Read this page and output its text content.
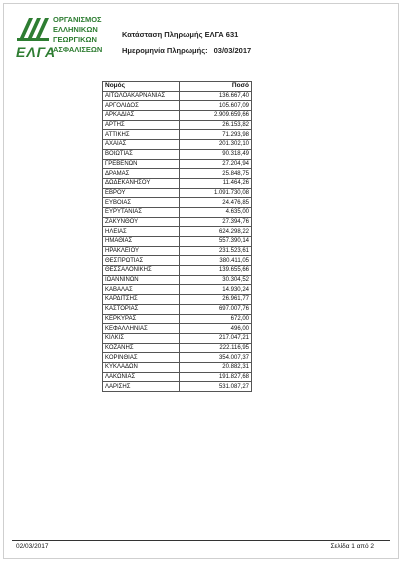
ΟΡΓΑΝΙΣΜΟΣ
ΕΛΛΗΝΙΚΩΝ
ΓΕΩΡΓΙΚΩΝ
ΑΣΦΑΛΙΣΕΩΝ
ΕΛΓΑ
Κατάσταση Πληρωμής ΕΛΓΑ 631
Ημερομηνία Πληρωμής: 03/03/2017
Νομός	Ποσό
ΑΙΤΩΛΟΑΚΑΡΝΑΝΙΑΣ	136.667,40
ΑΡΓΟΛΙΔΟΣ	105.607,09
ΑΡΚΑΔΙΑΣ	2.909.659,66
ΑΡΤΗΣ	26.153,82
ΑΤΤΙΚΗΣ	71.293,98
ΑΧΑΙΑΣ	201.302,10
ΒΟΙΩΤΙΑΣ	90.318,49
ΓΡΕΒΕΝΩΝ	27.204,94
ΔΡΑΜΑΣ	25.848,75
ΔΩΔΕΚΑΝΗΣΟΥ	11.464,26
ΕΒΡΟΥ	1.091.730,08
ΕΥΒΟΙΑΣ	24.476,85
ΕΥΡΥΤΑΝΙΑΣ	4.635,00
ΖΑΚΥΝΘΟΥ	27.394,76
ΗΛΕΙΑΣ	624.298,22
ΗΜΑΘΙΑΣ	557.390,14
ΗΡΑΚΛΕΙΟΥ	231.523,61
ΘΕΣΠΡΩΤΙΑΣ	380.411,05
ΘΕΣΣΑΛΟΝΙΚΗΣ	139.655,66
ΙΩΑΝΝΙΝΩΝ	30.304,52
ΚΑΒΑΛΑΣ	14.930,24
ΚΑΡΔΙΤΣΗΣ	26.961,77
ΚΑΣΤΟΡΙΑΣ	697.007,76
ΚΕΡΚΥΡΑΣ	672,00
ΚΕΦΑΛΛΗΝΙΑΣ	496,00
ΚΙΛΚΙΣ	217.047,21
ΚΟΖΑΝΗΣ	222.116,95
ΚΟΡΙΝΘΙΑΣ	354.007,37
ΚΥΚΛΑΔΩΝ	20.882,31
ΛΑΚΩΝΙΑΣ	191.827,68
ΛΑΡΙΣΗΣ	531.087,27
02/03/2017	Σελίδα 1 από 2
